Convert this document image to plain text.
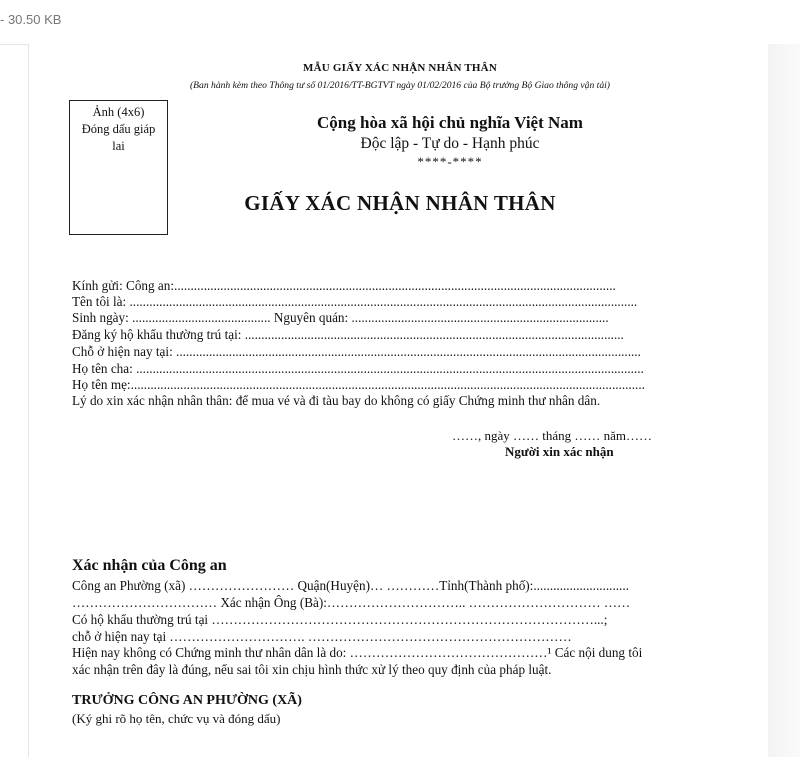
- 30.50 KB
MẪU GIẤY XÁC NHẬN NHÂN THÂN
(Ban hành kèm theo Thông tư số 01/2016/TT-BGTVT ngày 01/02/2016 của Bộ trưởng Bộ Giao thông vận tải)
Ảnh (4x6)
Đóng dấu giáp
lai
Cộng hòa xã hội chủ nghĩa Việt Nam
Độc lập - Tự do - Hạnh phúc
****-****
GIẤY XÁC NHẬN NHÂN THÂN
Kính gửi: Công an:......................................................................................................................................
Tên tôi là: ..........................................................................................................................................................
Sinh ngày: .......................................... Nguyên quán: ..............................................................................
Đăng ký hộ khẩu thường trú tại: ...................................................................................................................
Chỗ ở hiện nay tại: .............................................................................................................................................
Họ tên cha: ..........................................................................................................................................................
Họ tên mẹ:............................................................................................................................................................
Lý do xin xác nhận nhân thân: để mua vé và đi tàu bay do không có giấy Chứng minh thư nhân dân.
……, ngày …… tháng …… năm……
Người xin xác nhận
Xác nhận của Công an
Công an Phường (xã) …………………… Quận(Huyện)… …………Tỉnh(Thành phố):.............................
…………………………… Xác nhận Ông (Bà):………………………….. ………………………… ……
Có hộ khẩu thường trú tại ……………………………………………………………………………...;
chỗ ở hiện nay tại …………………………. ……………………………………………………
Hiện nay không có Chứng minh thư nhân dân là do: ………………………………………¹ Các nội dung tôi
xác nhận trên đây là đúng, nếu sai tôi xin chịu hình thức xử lý theo quy định của pháp luật.
TRƯỞNG CÔNG AN PHƯỜNG (XÃ)
(Ký ghi rõ họ tên, chức vụ và đóng dấu)
